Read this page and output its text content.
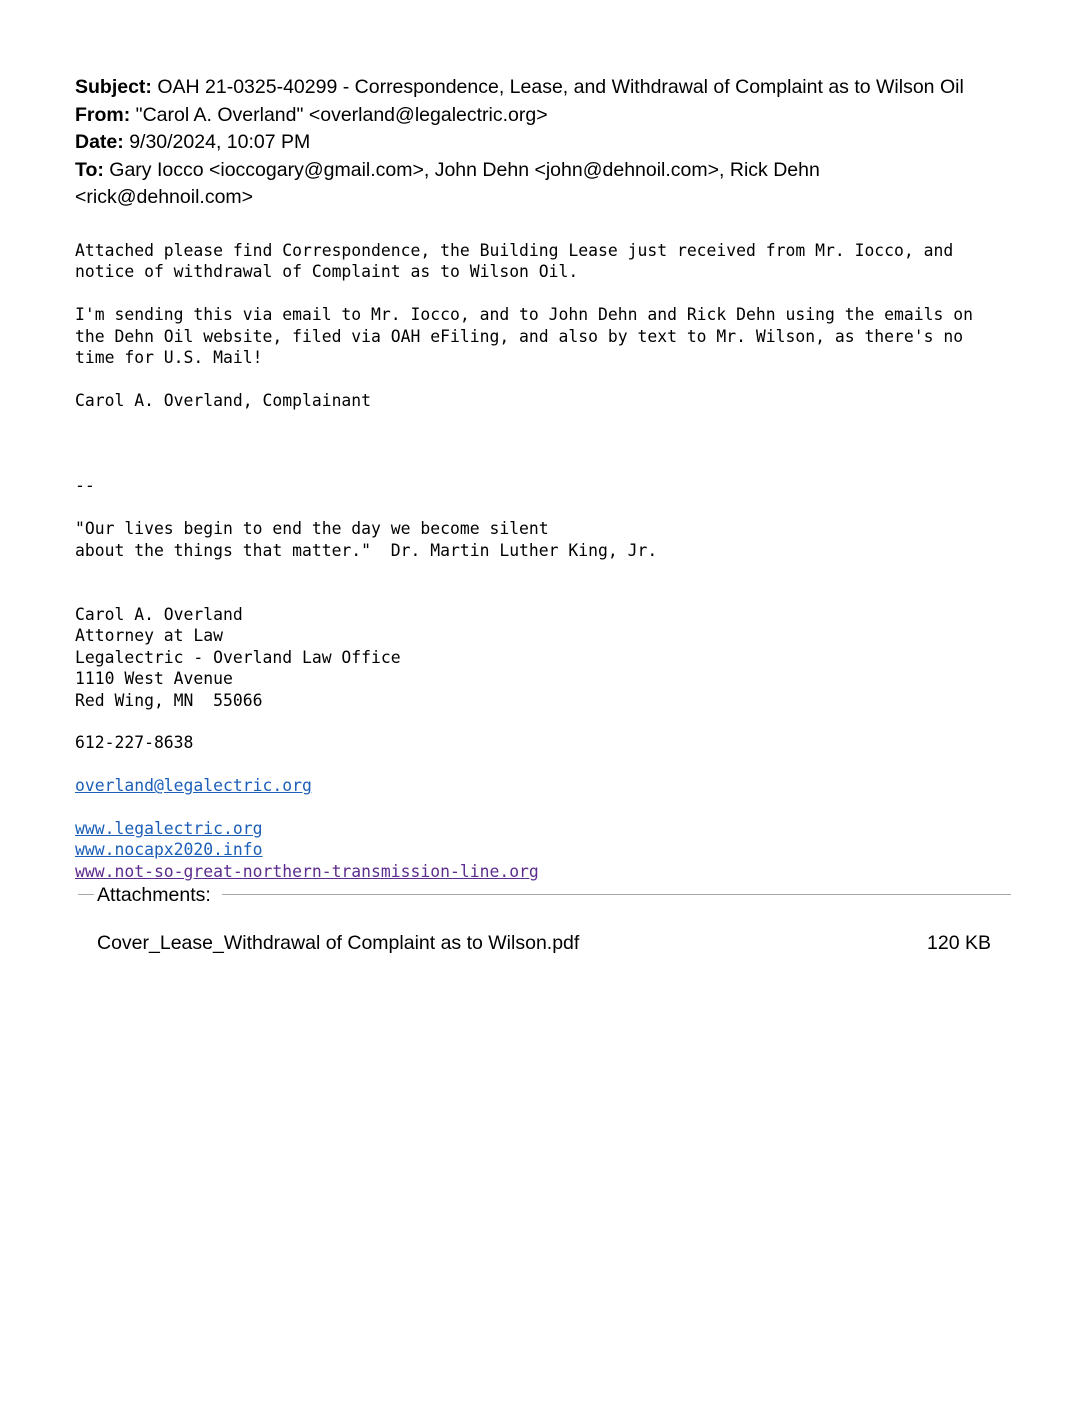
Subject: OAH 21-0325-40299 - Correspondence, Lease, and Withdrawal of Complaint as to Wilson Oil
From: "Carol A. Overland" <overland@legalectric.org>
Date: 9/30/2024, 10:07 PM
To: Gary Iocco <ioccogary@gmail.com>, John Dehn <john@dehnoil.com>, Rick Dehn
<rick@dehnoil.com>
Attached please find Correspondence, the Building Lease just received from Mr. Iocco, and
notice of withdrawal of Complaint as to Wilson Oil.

I'm sending this via email to Mr. Iocco, and to John Dehn and Rick Dehn using the emails on
the Dehn Oil website, filed via OAH eFiling, and also by text to Mr. Wilson, as there's no
time for U.S. Mail!

Carol A. Overland, Complainant

--

"Our lives begin to end the day we become silent
about the things that matter."  Dr. Martin Luther King, Jr.

Carol A. Overland
Attorney at Law
Legalectric - Overland Law Office
1110 West Avenue
Red Wing, MN  55066

612-227-8638

overland@legalectric.org

www.legalectric.org
www.nocapx2020.info
www.not-so-great-northern-transmission-line.org
Attachments:
Cover_Lease_Withdrawal of Complaint as to Wilson.pdf	120 KB
